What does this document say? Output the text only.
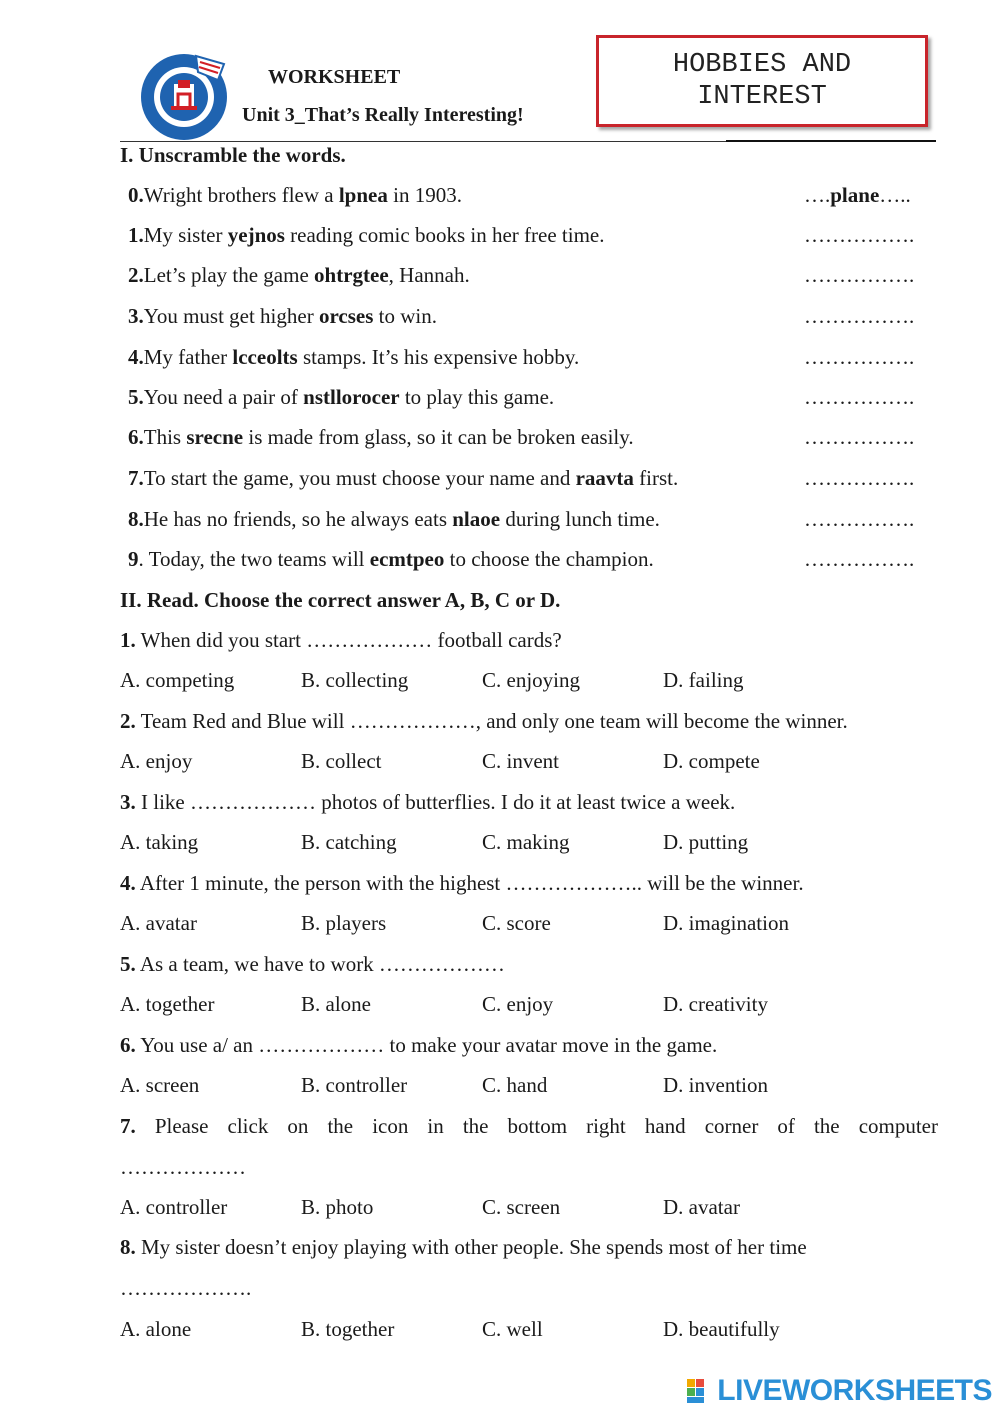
WORKSHEET
Unit 3_That’s Really Interesting!
HOBBIES AND INTEREST
I. Unscramble the words.
0.Wright brothers flew a lpnea in 1903.	….plane…..
1.My sister yejnos reading comic books in her free time.	…………….
2.Let’s play the game ohtrgtee, Hannah.	…………….
3.You must get higher orcses to win.	…………….
4.My father lcceolts stamps. It’s his expensive hobby.	…………….
5.You need a pair of nstllorocer to play this game.	…………….
6.This srecne is made from glass, so it can be broken easily.	…………….
7.To start the game, you must choose your name and raavta first.	…………….
8.He has no friends, so he always eats nlaoe during lunch time.	…………….
9. Today, the two teams will ecmtpeo to choose the champion.	…………….
II. Read. Choose the correct answer A, B, C or D.
1. When did you start ……………… football cards?
A. competing	B. collecting	C. enjoying	D. failing
2. Team Red and Blue will ………………, and only one team will become the winner.
A. enjoy	B. collect	C. invent	D. compete
3. I like ……………… photos of butterflies. I do it at least twice a week.
A. taking	B. catching	C. making	D. putting
4. After 1 minute, the person with the highest ……………….. will be the winner.
A. avatar	B. players	C. score	D. imagination
5. As a team, we have to work ………………
A. together	B. alone	C. enjoy	D. creativity
6. You use a/ an ……………… to make your avatar move in the game.
A. screen	B. controller	C. hand	D. invention
7. Please click on the icon in the bottom right hand corner of the computer
………………
A. controller	B. photo	C. screen	D. avatar
8. My sister doesn’t enjoy playing with other people. She spends most of her time
……………….
A. alone	B. together	C. well	D. beautifully
LIVEWORKSHEETS
